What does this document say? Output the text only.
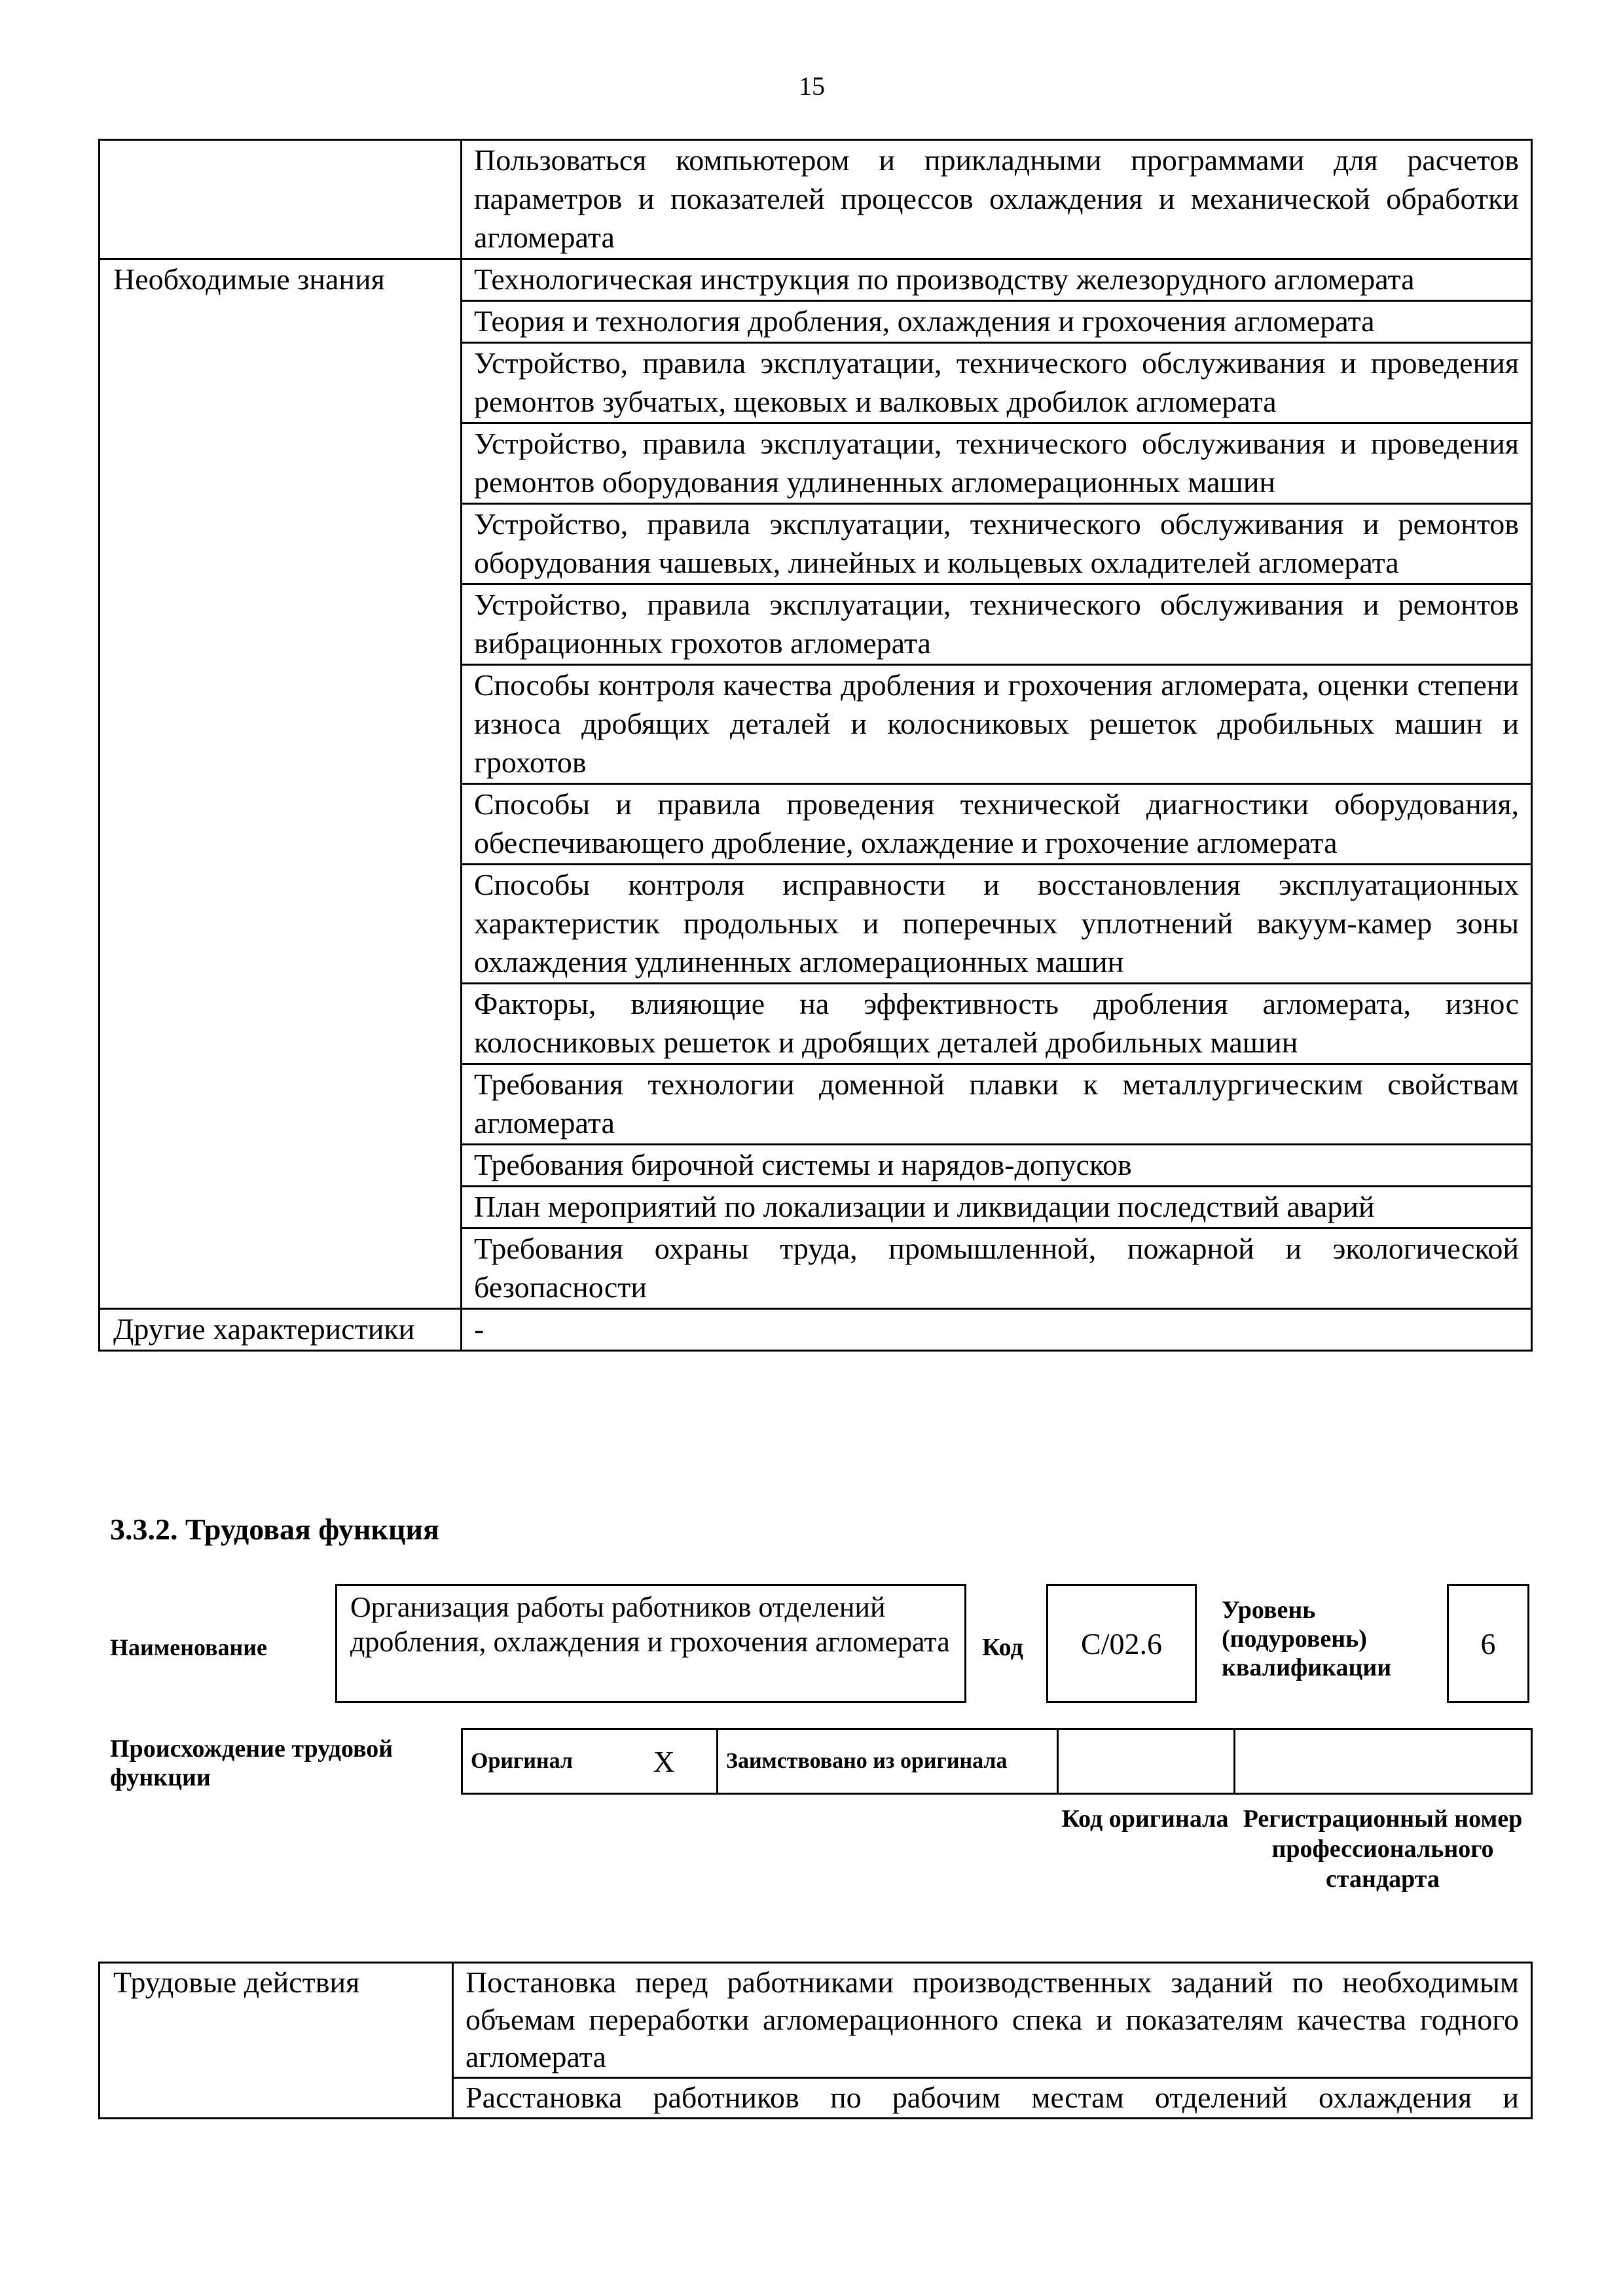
15
	Пользоваться компьютером и прикладными программами для расчетов параметров и показателей процессов охлаждения и механической обработки агломерата
Необходимые знания	Технологическая инструкция по производству железорудного агломерата
	Теория и технология дробления, охлаждения и грохочения агломерата
	Устройство, правила эксплуатации, технического обслуживания и проведения ремонтов зубчатых, щековых и валковых дробилок агломерата
	Устройство, правила эксплуатации, технического обслуживания и проведения ремонтов оборудования удлиненных агломерационных машин
	Устройство, правила эксплуатации, технического обслуживания и ремонтов оборудования чашевых, линейных и кольцевых охладителей агломерата
	Устройство, правила эксплуатации, технического обслуживания и ремонтов вибрационных грохотов агломерата
	Способы контроля качества дробления и грохочения агломерата, оценки степени износа дробящих деталей и колосниковых решеток дробильных машин и грохотов
	Способы и правила проведения технической диагностики оборудования, обеспечивающего дробление, охлаждение и грохочение агломерата
	Способы контроля исправности и восстановления эксплуатационных характеристик продольных и поперечных уплотнений вакуум-камер зоны охлаждения удлиненных агломерационных машин
	Факторы, влияющие на эффективность дробления агломерата, износ колосниковых решеток и дробящих деталей дробильных машин
	Требования технологии доменной плавки к металлургическим свойствам агломерата
	Требования бирочной системы и нарядов-допусков
	План мероприятий по локализации и ликвидации последствий аварий
	Требования охраны труда, промышленной, пожарной и экологической безопасности
Другие характеристики	-
3.3.2. Трудовая функция
Наименование
Организация работы работников отделений дробления, охлаждения и грохочения агломерата	Код C/02.6
Уровень (подуровень) квалификации
6
Происхождение трудовой функции
Оригинал	X	Заимствовано из оригинала		
Код оригинала Регистрационный номер профессионального стандарта
Трудовые действия	Постановка перед работниками производственных заданий по необходимым объемам переработки агломерационного спека и показателям качества годного агломерата
Расстановка работников по рабочим местам отделений охлаждения и
